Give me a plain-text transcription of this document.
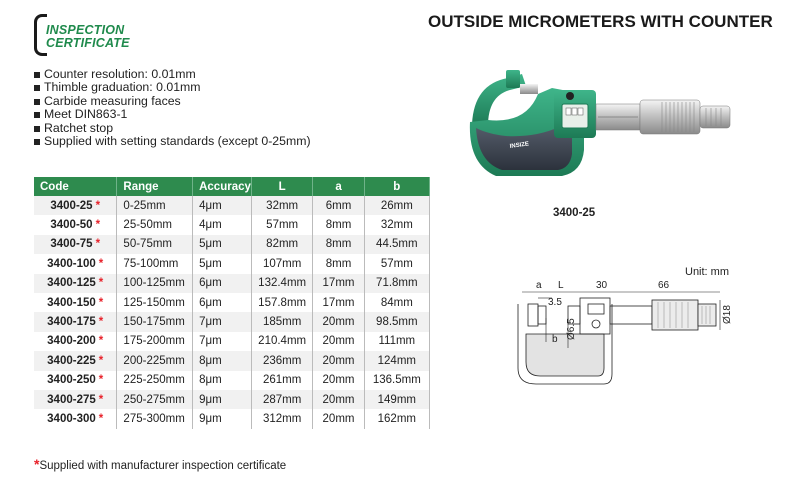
INSPECTION
CERTIFICATE
OUTSIDE MICROMETERS WITH COUNTER
Counter resolution: 0.01mm
Thimble graduation: 0.01mm
Carbide measuring faces
Meet DIN863-1
Ratchet stop
Supplied with setting standards (except 0-25mm)
Code	Range	Accuracy	L	a	b
3400-25 *	0-25mm	4μm	32mm	6mm	26mm
3400-50 *	25-50mm	4μm	57mm	8mm	32mm
3400-75 *	50-75mm	5μm	82mm	8mm	44.5mm
3400-100 *	75-100mm	5μm	107mm	8mm	57mm
3400-125 *	100-125mm	6μm	132.4mm	17mm	71.8mm
3400-150 *	125-150mm	6μm	157.8mm	17mm	84mm
3400-175 *	150-175mm	7μm	185mm	20mm	98.5mm
3400-200 *	175-200mm	7μm	210.4mm	20mm	111mm
3400-225 *	200-225mm	8μm	236mm	20mm	124mm
3400-250 *	225-250mm	8μm	261mm	20mm	136.5mm
3400-275 *	250-275mm	9μm	287mm	20mm	149mm
3400-300 *	275-300mm	9μm	312mm	20mm	162mm
*Supplied with manufacturer inspection certificate
INSIZE
3400-25
Unit: mm
a L
3.5
30	66
b Ø6.5
Ø18
